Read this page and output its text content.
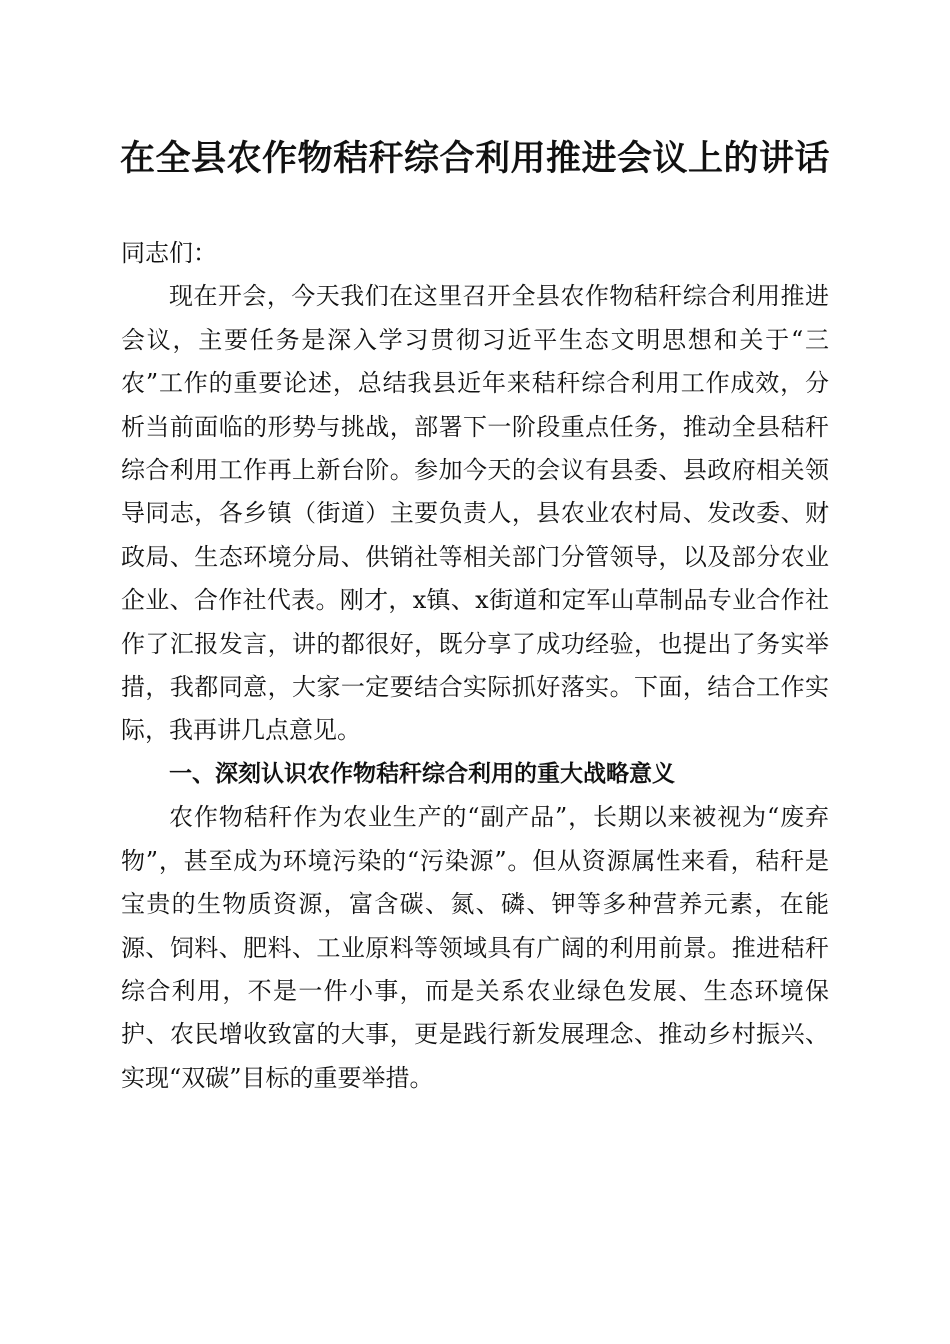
在全县农作物秸秆综合利用推进会议上的讲话

同志们：

现在开会，今天我们在这里召开全县农作物秸秆综合利用推进会议，主要任务是深入学习贯彻习近平生态文明思想和关于“三农”工作的重要论述，总结我县近年来秸秆综合利用工作成效，分析当前面临的形势与挑战，部署下一阶段重点任务，推动全县秸秆综合利用工作再上新台阶。参加今天的会议有县委、县政府相关领导同志，各乡镇（街道）主要负责人，县农业农村局、发改委、财政局、生态环境分局、供销社等相关部门分管领导，以及部分农业企业、合作社代表。刚才，x镇、x街道和定军山草制品专业合作社作了汇报发言，讲的都很好，既分享了成功经验，也提出了务实举措，我都同意，大家一定要结合实际抓好落实。下面，结合工作实际，我再讲几点意见。

一、深刻认识农作物秸秆综合利用的重大战略意义

农作物秸秆作为农业生产的“副产品”，长期以来被视为“废弃物”，甚至成为环境污染的“污染源”。但从资源属性来看，秸秆是宝贵的生物质资源，富含碳、氮、磷、钾等多种营养元素，在能源、饲料、肥料、工业原料等领域具有广阔的利用前景。推进秸秆综合利用，不是一件小事，而是关系农业绿色发展、生态环境保护、农民增收致富的大事，更是践行新发展理念、推动乡村振兴、实现“双碳”目标的重要举措。
